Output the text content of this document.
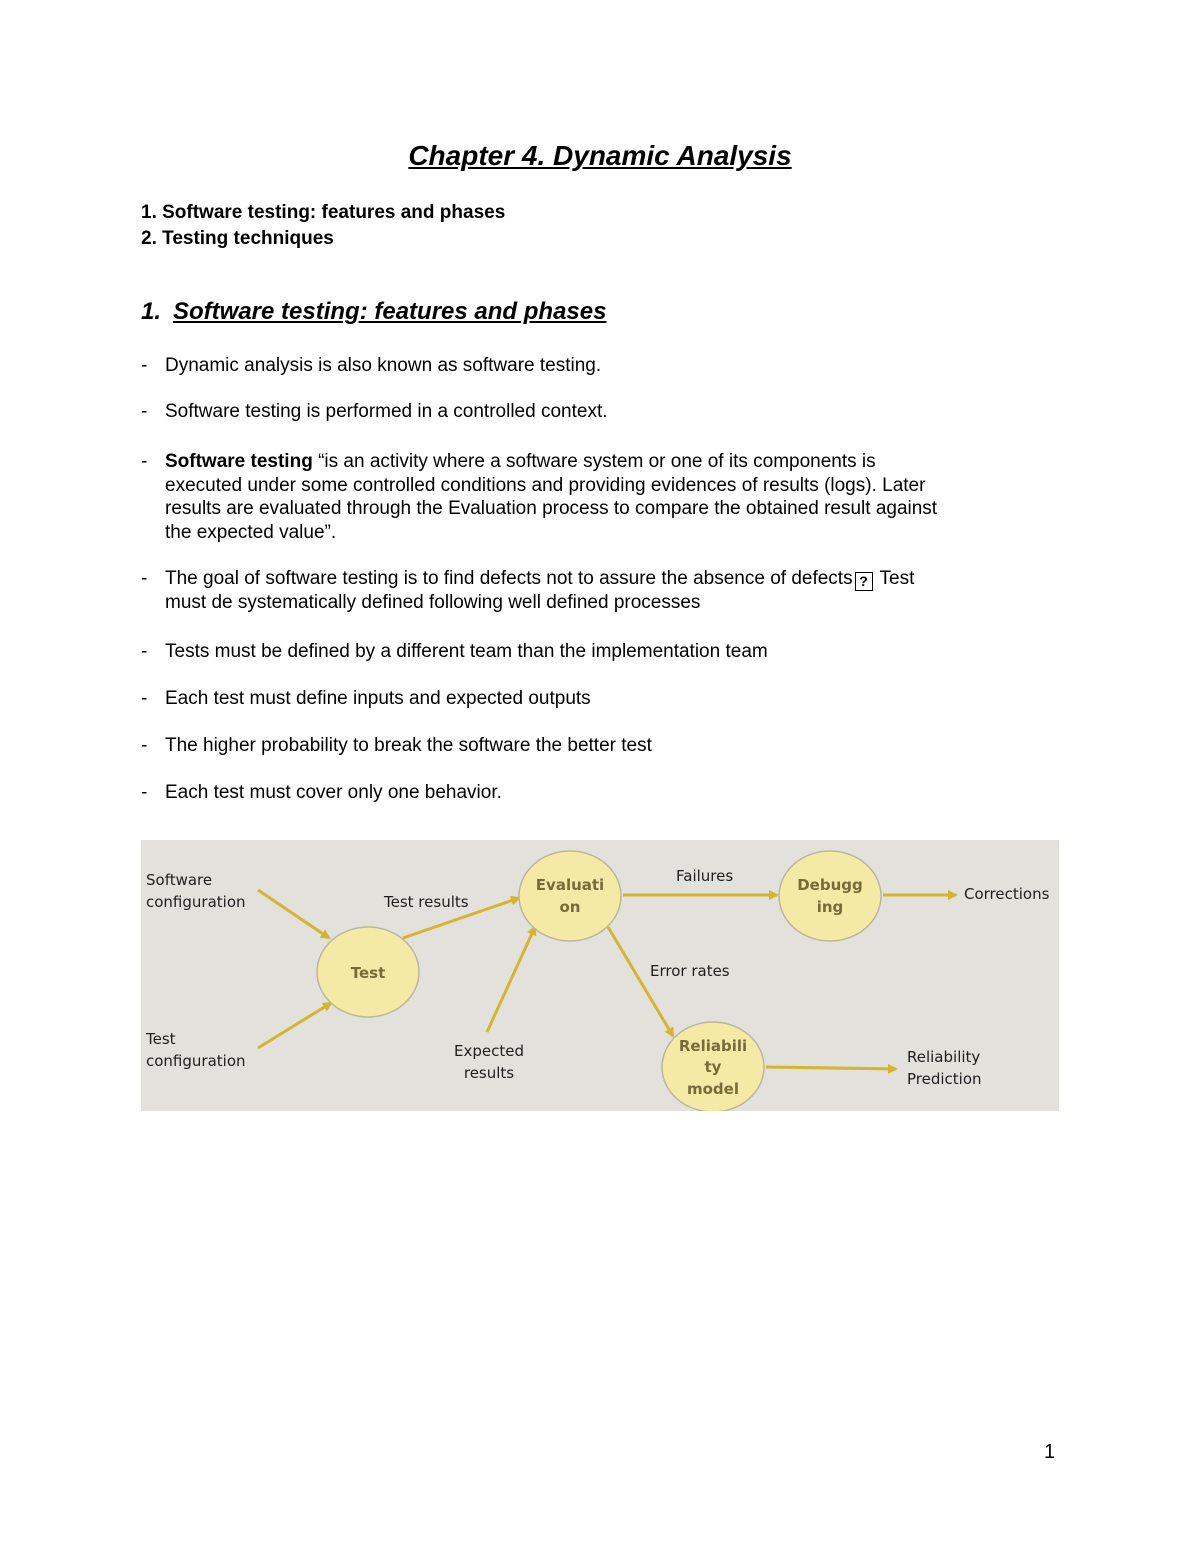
Chapter 4. Dynamic Analysis
1. Software testing: features and phases
2. Testing techniques
1. Software testing: features and phases
- Dynamic analysis is also known as software testing.
- Software testing is performed in a controlled context.
- Software testing “is an activity where a software system or one of its components is
executed under some controlled conditions and providing evidences of results (logs). Later
results are evaluated through the Evaluation process to compare the obtained result against
the expected value”.
- The goal of software testing is to find defects not to assure the absence of defects ? Test
must de systematically defined following well defined processes
- Tests must be defined by a different team than the implementation team
- Each test must define inputs and expected outputs
- The higher probability to break the software the better test
- Each test must cover only one behavior.
Test
Evaluati
on
Debugg
ing
Reliabili
ty
model
Software
configuration
Test
configuration
Test results
Expected
results
Failures
Error rates
Corrections
Reliability
Prediction
1
